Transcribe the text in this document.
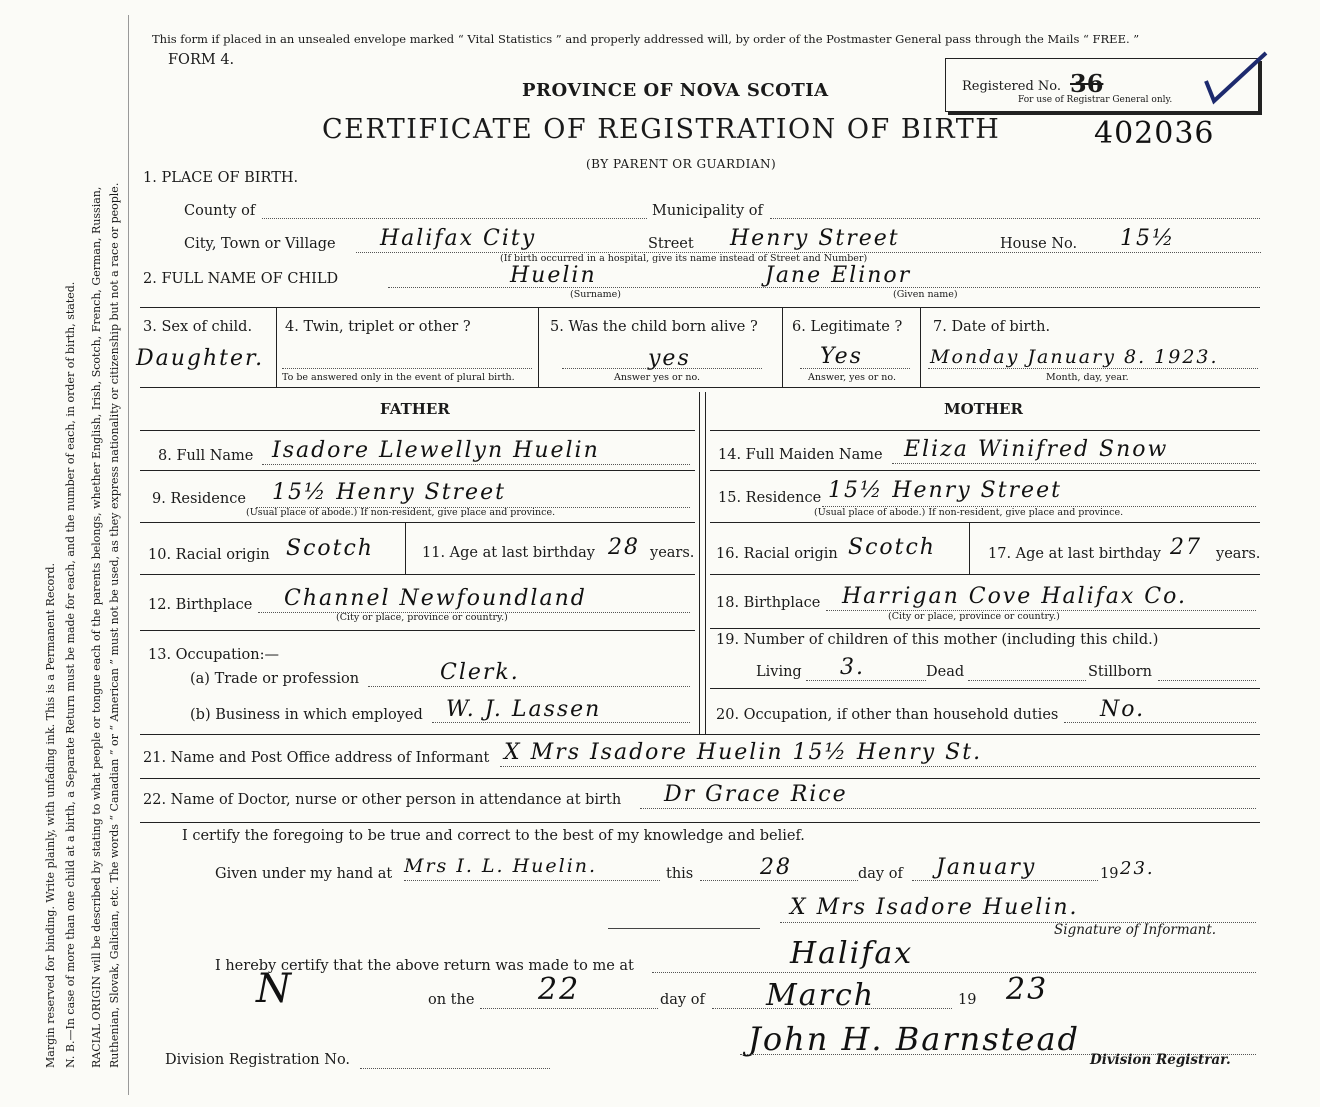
Margin reserved for binding. Write plainly, with unfading ink. This is a Permanent Record. N. B.—In case of more than one child at a birth, a Separate Return must be made for each, and the number of each, in order of birth, stated. RACIAL ORIGIN will be described by stating to what people or tongue each of the parents belongs, whether English, Irish, Scotch, French, German, Russian, Ruthenian, Slovak, Galician, etc. The words “ Canadian ” or “ American ” must not be used, as they express nationality or citizenship but not a race or people.
This form if placed in an unsealed envelope marked “ Vital Statistics ” and properly addressed will, by order of the Postmaster General pass through the Mails “ FREE. ”
FORM 4.
PROVINCE OF NOVA SCOTIA
CERTIFICATE OF REGISTRATION OF BIRTH	402036
(BY PARENT OR GUARDIAN)
Registered No. 36
For use of Registrar General only.
1. PLACE OF BIRTH.
County of	Municipality of
City, Town or Village Halifax City	Street Henry Street	House No. 15½
(If birth occurred in a hospital, give its name instead of Street and Number)
2. FULL NAME OF CHILD	Huelin	Jane Elinor
(Surname)	(Given name)
3. Sex of child.
Daughter.
4. Twin, triplet or other ?
To be answered only in the event of plural birth.
5. Was the child born alive ?
yes
Answer yes or no.
6. Legitimate ?
Yes
Answer, yes or no.
7. Date of birth.
Monday January 8. 1923.
Month, day, year.
FATHER
8. Full Name Isadore Llewellyn Huelin
9. Residence 15½ Henry Street
(Usual place of abode.) If non-resident, give place and province.
10. Racial origin Scotch	11. Age at last birthday 28 years.
12. Birthplace Channel Newfoundland
(City or place, province or country.)
13. Occupation:—
(a) Trade or profession	Clerk.
(b) Business in which employed W. J. Lassen
MOTHER
14. Full Maiden Name Eliza Winifred Snow
15. Residence 15½ Henry Street
(Usual place of abode.) If non-resident, give place and province.
16. Racial origin Scotch	17. Age at last birthday 27 years.
18. Birthplace Harrigan Cove Halifax Co.
(City or place, province or country.)
19. Number of children of this mother (including this child.)
Living 3.	Dead	Stillborn
20. Occupation, if other than household duties No.
21. Name and Post Office address of Informant X Mrs Isadore Huelin 15½ Henry St.
22. Name of Doctor, nurse or other person in attendance at birth Dr Grace Rice
I certify the foregoing to be true and correct to the best of my knowledge and belief.
Given under my hand at Mrs I. L. Huelin.	this	28	day of January	19 23.
X Mrs Isadore Huelin.
Signature of Informant.
I hereby certify that the above return was made to me at	Halifax
N	on the 22	day of March	19 23
John H. Barnstead
Division Registrar.
Division Registration No.
